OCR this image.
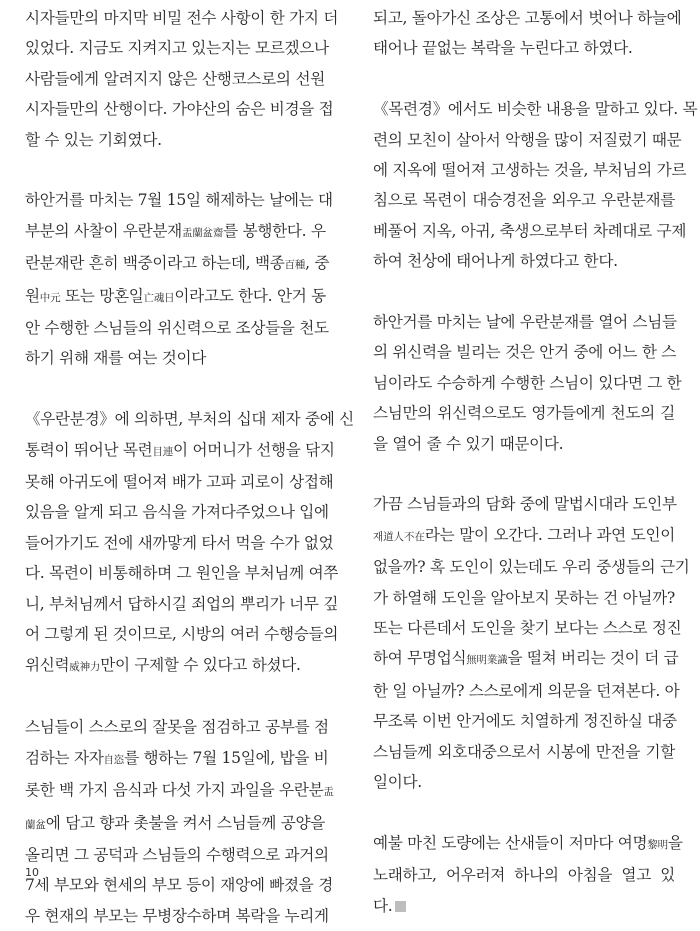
시자들만의 마지막 비밀 전수 사항이 한 가지 더
있었다. 지금도 지켜지고 있는지는 모르겠으나
사람들에게 알려지지 않은 산행코스로의 선원
시자들만의 산행이다. 가야산의 숨은 비경을 접
할 수 있는 기회였다.
하안거를 마치는 7월 15일 해제하는 날에는 대
부분의 사찰이 우란분재盂蘭盆齋를 봉행한다. 우
란분재란 흔히 백중이라고 하는데, 백종百種, 중
원中元 또는 망혼일亡魂日이라고도 한다. 안거 동
안 수행한 스님들의 위신력으로 조상들을 천도
하기 위해 재를 여는 것이다
《우란분경》에 의하면, 부처의 십대 제자 중에 신
통력이 뛰어난 목련目連이 어머니가 선행을 닦지
못해 아귀도에 떨어져 배가 고파 괴로이 상접해
있음을 알게 되고 음식을 가져다주었으나 입에
들어가기도 전에 새까맣게 타서 먹을 수가 없었
다. 목련이 비통해하며 그 원인을 부처님께 여쭈
니, 부처님께서 답하시길 죄업의 뿌리가 너무 깊
어 그렇게 된 것이므로, 시방의 여러 수행승들의
위신력威神力만이 구제할 수 있다고 하셨다.
스님들이 스스로의 잘못을 점검하고 공부를 점
검하는 자자自恣를 행하는 7월 15일에, 밥을 비
롯한 백 가지 음식과 다섯 가지 과일을 우란분盂
蘭盆에 담고 향과 촛불을 켜서 스님들께 공양을
올리면 그 공덕과 스님들의 수행력으로 과거의
7세 부모와 현세의 부모 등이 재앙에 빠졌을 경
우 현재의 부모는 무병장수하며 복락을 누리게
되고, 돌아가신 조상은 고통에서 벗어나 하늘에
태어나 끝없는 복락을 누린다고 하였다.
《목련경》에서도 비슷한 내용을 말하고 있다. 목
련의 모친이 살아서 악행을 많이 저질렀기 때문
에 지옥에 떨어져 고생하는 것을, 부처님의 가르
침으로 목련이 대승경전을 외우고 우란분재를
베풀어 지옥, 아귀, 축생으로부터 차례대로 구제
하여 천상에 태어나게 하였다고 한다.
하안거를 마치는 날에 우란분재를 열어 스님들
의 위신력을 빌리는 것은 안거 중에 어느 한 스
님이라도 수승하게 수행한 스님이 있다면 그 한
스님만의 위신력으로도 영가들에게 천도의 길
을 열어 줄 수 있기 때문이다.
가끔 스님들과의 담화 중에 말법시대라 도인부
재道人不在라는 말이 오간다. 그러나 과연 도인이
없을까? 혹 도인이 있는데도 우리 중생들의 근기
가 하열해 도인을 알아보지 못하는 건 아닐까?
또는 다른데서 도인을 찾기 보다는 스스로 정진
하여 무명업식無明業識을 떨쳐 버리는 것이 더 급
한 일 아닐까? 스스로에게 의문을 던져본다. 아
무조록 이번 안거에도 치열하게 정진하실 대중
스님들께 외호대중으로서 시봉에 만전을 기할
일이다.
예불 마친 도량에는 산새들이 저마다 여명黎明을
노래하고, 어우러져 하나의 아침을 열고 있
다.
10
